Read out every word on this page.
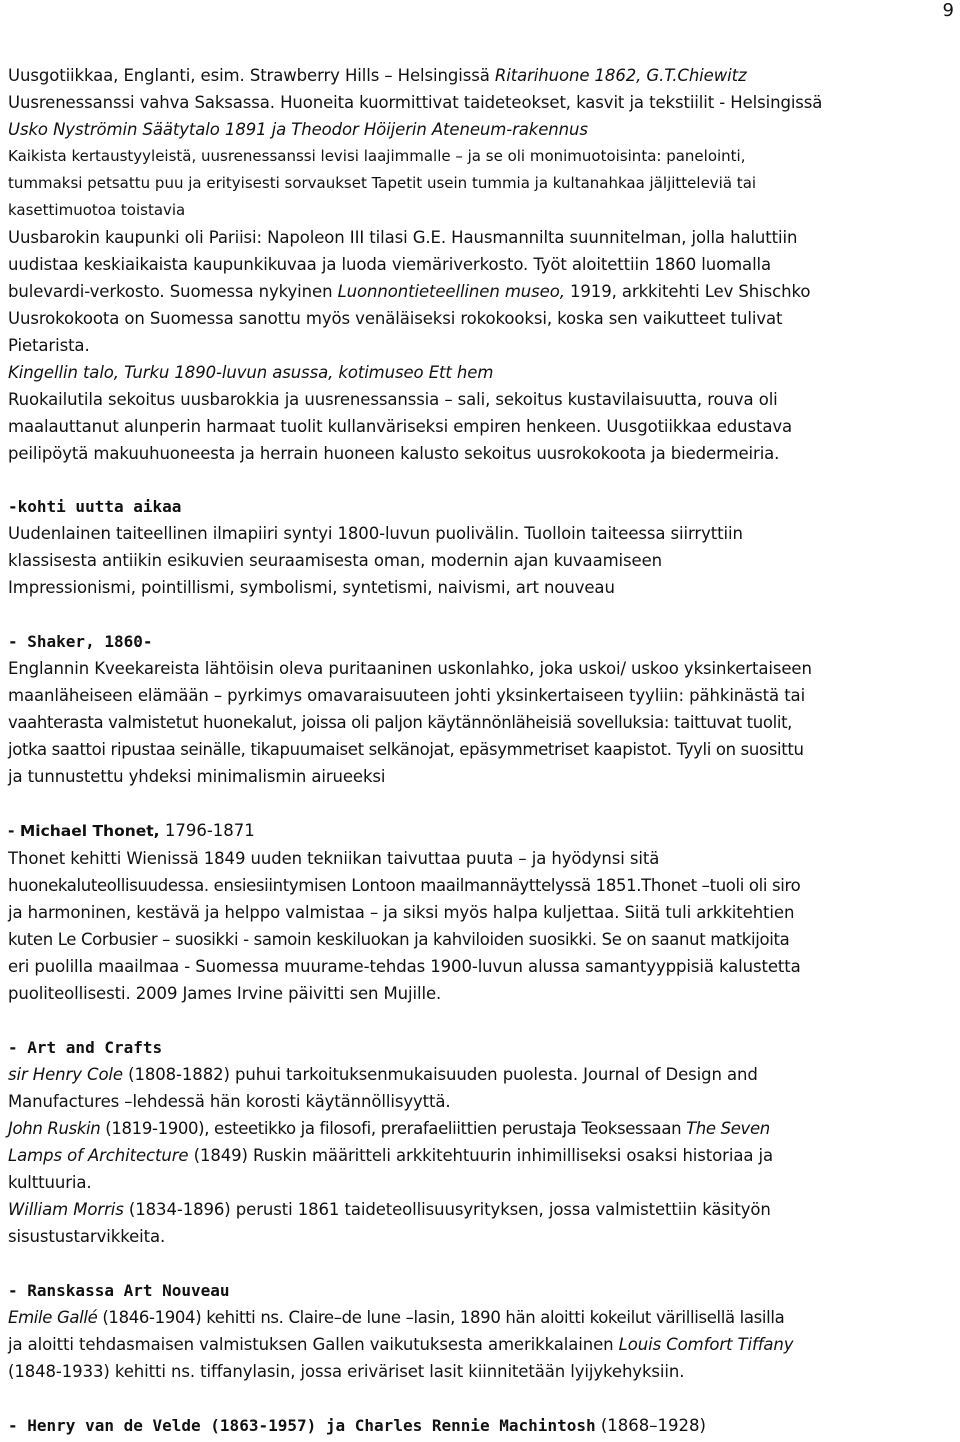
9
Uusgotiikkaa, Englanti, esim. Strawberry Hills – Helsingissä Ritarihuone 1862, G.T.Chiewitz
Uusrenessanssi vahva Saksassa. Huoneita kuormittivat taideteokset, kasvit ja tekstiilit - Helsingissä
Usko Nyströmin Säätytalo 1891 ja Theodor Höijerin Ateneum-rakennus
Kaikista kertaustyyleistä, uusrenessanssi levisi laajimmalle – ja se oli monimuotoisinta: panelointi,
tummaksi petsattu puu ja erityisesti sorvaukset Tapetit usein tummia ja kultanahkaa jäljitteleviä tai
kasettimuotoa toistavia
Uusbarokin kaupunki oli Pariisi: Napoleon III tilasi G.E. Hausmannilta suunnitelman, jolla haluttiin
uudistaa keskiaikaista kaupunkikuvaa ja luoda viemäriverkosto. Työt aloitettiin 1860 luomalla
bulevardi-verkosto. Suomessa nykyinen Luonnontieteellinen museo, 1919, arkkitehti Lev Shischko
Uusrokokoota on Suomessa sanottu myös venäläiseksi rokokooksi, koska sen vaikutteet tulivat
Pietarista.
Kingellin talo, Turku 1890-luvun asussa, kotimuseo Ett hem
Ruokailutila sekoitus uusbarokkia ja uusrenessanssia – sali, sekoitus kustavilaisuutta, rouva oli
maalauttanut alunperin harmaat tuolit kullanväriseksi empiren henkeen. Uusgotiikkaa edustava
peilipöytä makuuhuoneesta ja herrain huoneen kalusto sekoitus uusrokokoota ja biedermeiria.
-kohti uutta aikaa
Uudenlainen taiteellinen ilmapiiri syntyi 1800-luvun puolivälin. Tuolloin taiteessa siirryttiin
klassisesta antiikin esikuvien seuraamisesta oman, modernin ajan kuvaamiseen
Impressionismi, pointillismi, symbolismi, syntetismi, naivismi, art nouveau
- Shaker, 1860-
Englannin Kveekareista lähtöisin oleva puritaaninen uskonlahko, joka uskoi/ uskoo yksinkertaiseen
maanläheiseen elämään – pyrkimys omavaraisuuteen johti yksinkertaiseen tyyliin: pähkinästä tai
vaahterasta valmistetut huonekalut, joissa oli paljon käytännönläheisiä sovelluksia: taittuvat tuolit,
jotka saattoi ripustaa seinälle, tikapuumaiset selkänojat, epäsymmetriset kaapistot. Tyyli on suosittu
ja tunnustettu yhdeksi minimalismin airueeksi
- Michael Thonet, 1796-1871
Thonet kehitti Wienissä 1849 uuden tekniikan taivuttaa puuta – ja hyödynsi sitä
huonekaluteollisuudessa. ensiesiintymisen Lontoon maailmannäyttelyssä 1851.Thonet –tuoli oli siro
ja harmoninen, kestävä ja helppo valmistaa – ja siksi myös halpa kuljettaa. Siitä tuli arkkitehtien
kuten Le Corbusier – suosikki - samoin keskiluokan ja kahviloiden suosikki. Se on saanut matkijoita
eri puolilla maailmaa - Suomessa muurame-tehdas 1900-luvun alussa samantyyppisiä kalustetta
puoliteollisesti. 2009 James Irvine päivitti sen Mujille.
- Art and Crafts
sir Henry Cole (1808-1882) puhui tarkoituksenmukaisuuden puolesta. Journal of Design and
Manufactures –lehdessä hän korosti käytännöllisyyttä.
John Ruskin (1819-1900), esteetikko ja filosofi, prerafaeliittien perustaja Teoksessaan The Seven
Lamps of Architecture (1849) Ruskin määritteli arkkitehtuurin inhimilliseksi osaksi historiaa ja
kulttuuria.
William Morris (1834-1896) perusti 1861 taideteollisuusyrityksen, jossa valmistettiin käsityön
sisustustarvikkeita.
- Ranskassa Art Nouveau
Emile Gallé (1846-1904) kehitti ns. Claire–de lune –lasin, 1890 hän aloitti kokeilut värillisellä lasilla
ja aloitti tehdasmaisen valmistuksen Gallen vaikutuksesta amerikkalainen Louis Comfort Tiffany
(1848-1933) kehitti ns. tiffanylasin, jossa eriväriset lasit kiinnitetään lyijykehyksiin.
- Henry van de Velde (1863-1957) ja Charles Rennie Machintosh (1868–1928)
